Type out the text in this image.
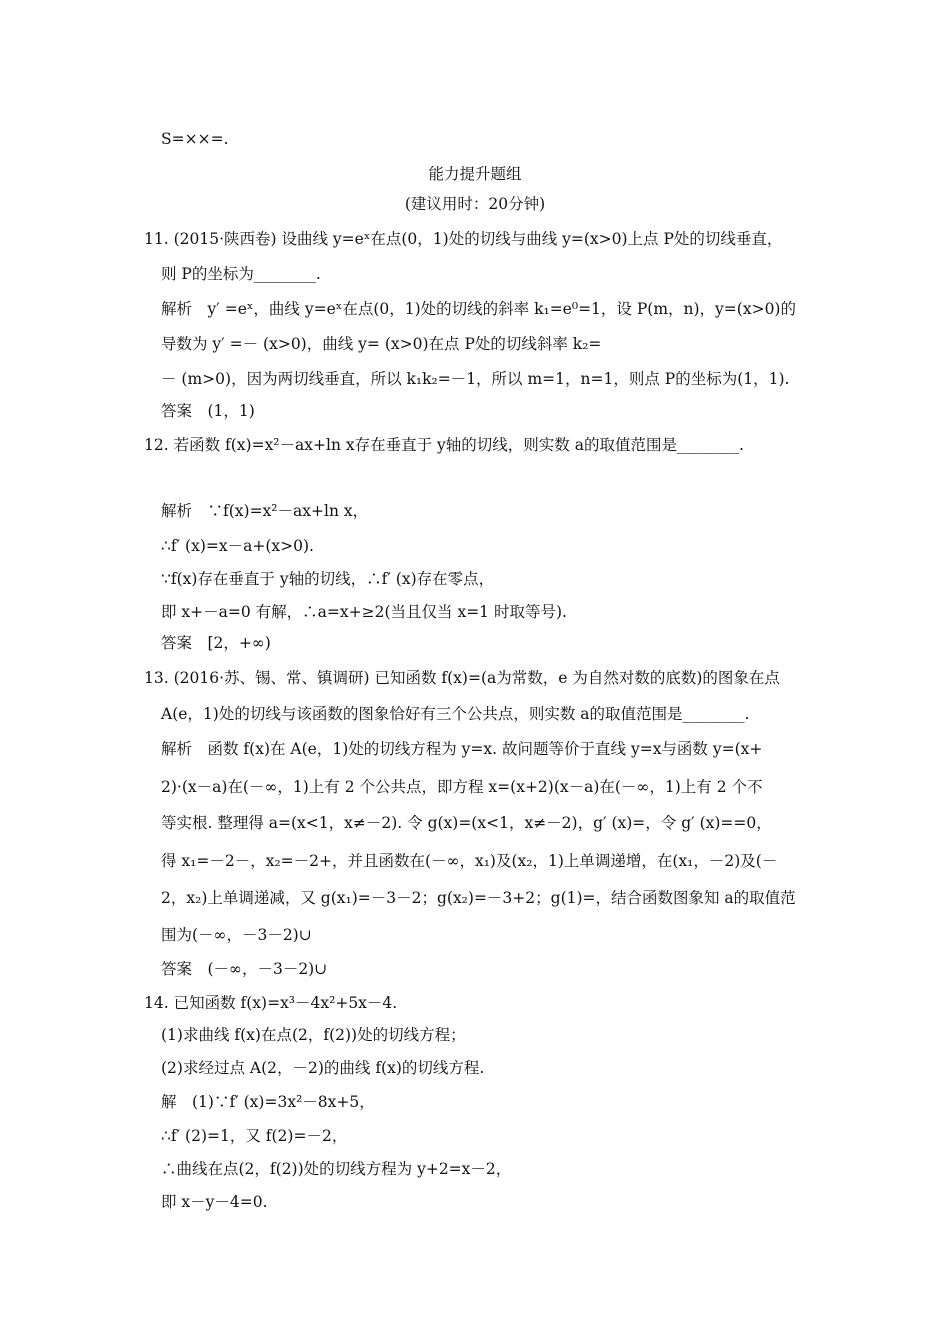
S=××=.
能力提升题组
(建议用时：20分钟)
11. (2015·陕西卷) 设曲线 y=eˣ在点(0，1)处的切线与曲线 y=(x>0)上点 P处的切线垂直，
则 P的坐标为________.
解析　y′ =eˣ，曲线 y=eˣ在点(0，1)处的切线的斜率 k₁=e⁰=1，设 P(m，n)，y=(x>0)的
导数为 y′ =－ (x>0)，曲线 y= (x>0)在点 P处的切线斜率 k₂=
－ (m>0)，因为两切线垂直，所以 k₁k₂=－1，所以 m=1，n=1，则点 P的坐标为(1，1).
答案　(1，1)
12. 若函数 f(x)=x²－ax+ln x存在垂直于 y轴的切线，则实数 a的取值范围是________.
解析　∵f(x)=x²－ax+ln x，
∴f′ (x)=x－a+(x>0).
∵f(x)存在垂直于 y轴的切线，∴f′ (x)存在零点，
即 x+－a=0 有解，∴a=x+≥2(当且仅当 x=1 时取等号).
答案　[2，+∞)
13. (2016·苏、锡、常、镇调研) 已知函数 f(x)=(a为常数，e 为自然对数的底数)的图象在点
A(e，1)处的切线与该函数的图象恰好有三个公共点，则实数 a的取值范围是________.
解析　函数 f(x)在 A(e，1)处的切线方程为 y=x. 故问题等价于直线 y=x与函数 y=(x+
2)·(x－a)在(－∞，1)上有 2 个公共点，即方程 x=(x+2)(x－a)在(－∞，1)上有 2 个不
等实根. 整理得 a=(x<1，x≠－2). 令 g(x)=(x<1，x≠－2)，g′ (x)=，令 g′ (x)==0，
得 x₁=－2－，x₂=－2+，并且函数在(－∞，x₁)及(x₂，1)上单调递增，在(x₁，－2)及(－
2，x₂)上单调递减，又 g(x₁)=－3－2；g(x₂)=－3+2；g(1)=，结合函数图象知 a的取值范
围为(－∞，－3－2)∪
答案　(－∞，－3－2)∪
14. 已知函数 f(x)=x³－4x²+5x－4.
(1)求曲线 f(x)在点(2，f(2))处的切线方程；
(2)求经过点 A(2，－2)的曲线 f(x)的切线方程.
解　(1)∵f′ (x)=3x²－8x+5，
∴f′ (2)=1，又 f(2)=－2，
∴曲线在点(2，f(2))处的切线方程为 y+2=x－2，
即 x－y－4=0.
